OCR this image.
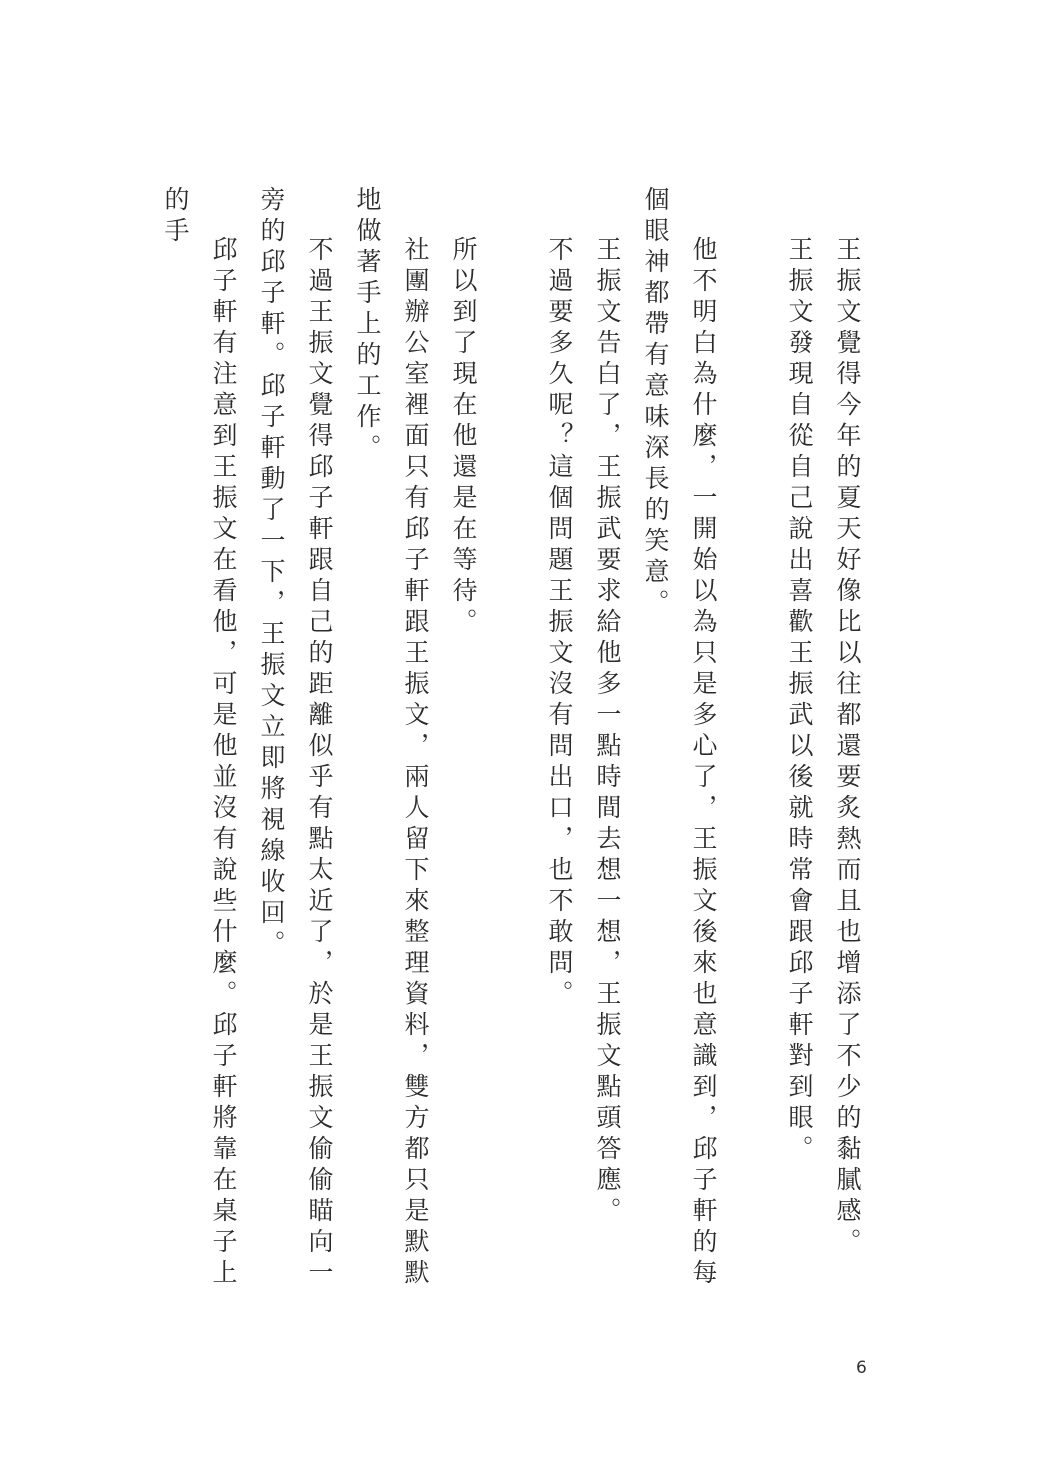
王振文覺得今年的夏天好像比以往都還要炙熱而且也增添了不少的黏膩感。

王振文發現自從自己說出喜歡王振武以後就時常會跟邱子軒對到眼。

他不明白為什麼，一開始以為只是多心了，王振文後來也意識到，邱子軒的每個眼神都帶有意味深長的笑意。

王振文告白了，王振武要求給他多一點時間去想一想，王振文點頭答應。

不過要多久呢？這個問題王振文沒有問出口，也不敢問。

所以到了現在他還是在等待。

社團辦公室裡面只有邱子軒跟王振文，兩人留下來整理資料，雙方都只是默默地做著手上的工作。

不過王振文覺得邱子軒跟自己的距離似乎有點太近了，於是王振文偷偷瞄向一旁的邱子軒。邱子軒動了一下，王振文立即將視線收回。

邱子軒有注意到王振文在看他，可是他並沒有說些什麼。邱子軒將靠在桌子上的手

6
